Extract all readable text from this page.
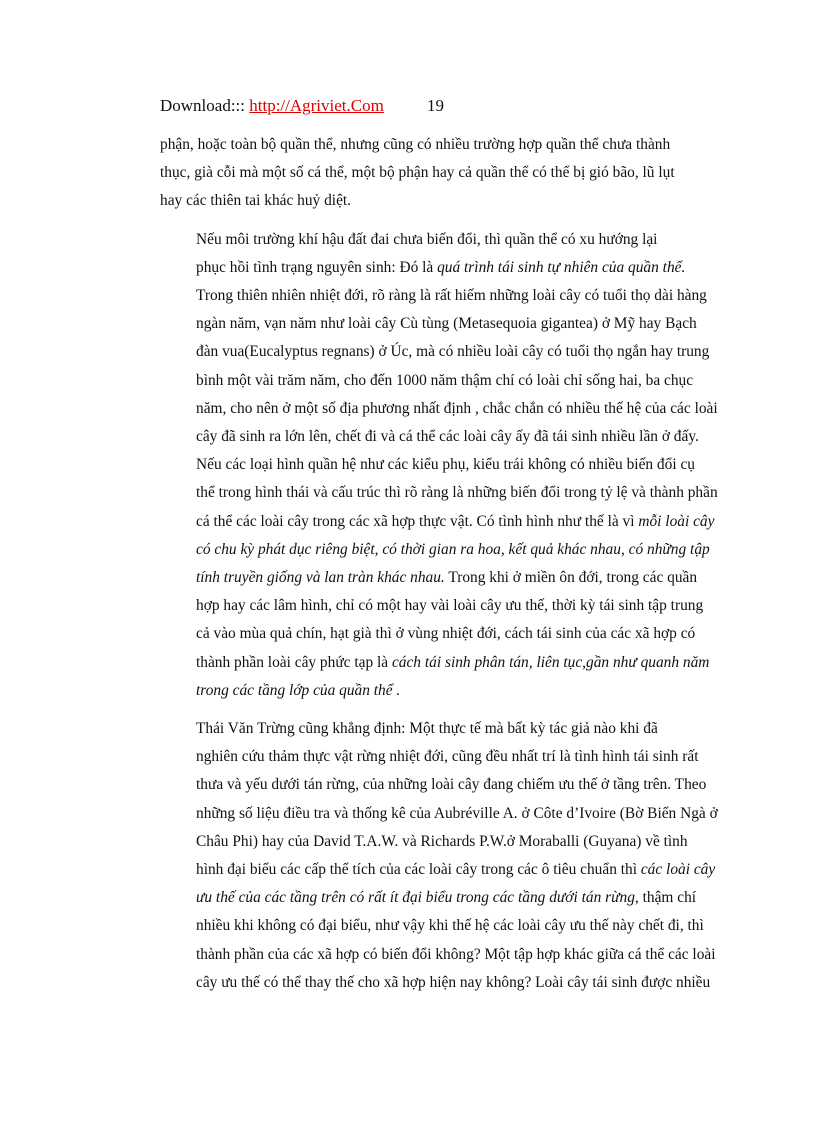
Download::: http://Agriviet.Com	19

phận, hoặc toàn bộ quần thể, nhưng cũng có nhiều trường hợp quần thể chưa thành
thục, già cỗi mà một số cá thể, một bộ phận hay cả quần thể có thể bị gió bão, lũ lụt
hay các thiên tai khác huỷ diệt.

Nếu môi trường khí hậu đất đai chưa biến đổi, thì quần thể có xu hướng lại
phục hồi tình trạng nguyên sinh: Đó là quá trình tái sinh tự nhiên của quần thể.
Trong thiên nhiên nhiệt đới, rõ ràng là rất hiếm những loài cây có tuổi thọ dài hàng
ngàn năm, vạn năm như loài cây Cù tùng (Metasequoia gigantea) ở Mỹ hay Bạch
đàn vua(Eucalyptus regnans) ở Úc, mà có nhiều loài cây có tuổi thọ ngắn hay trung
bình một vài trăm năm, cho đến 1000 năm thậm chí có loài chỉ sống hai, ba chục
năm, cho nên ở một số địa phương nhất định , chắc chắn có nhiều thế hệ của các loài
cây đã sinh ra lớn lên, chết đi và cá thể các loài cây ấy đã tái sinh nhiều lần ở đấy.
Nếu các loại hình quần hệ như các kiểu phụ, kiểu trái không có nhiều biến đổi cụ
thể trong hình thái và cấu trúc thì rõ ràng là những biến đổi trong tỷ lệ và thành phần
cá thể các loài cây trong các xã hợp thực vật. Có tình hình như thế là vì mỗi loài cây
có chu kỳ phát dục riêng biệt, có thời gian ra hoa, kết quả khác nhau, có những tập
tính truyền giống và lan tràn khác nhau. Trong khi ở miền ôn đới, trong các quần
hợp hay các lâm hình, chỉ có một hay vài loài cây ưu thế, thời kỳ tái sinh tập trung
cả vào mùa quả chín, hạt già thì ở vùng nhiệt đới, cách tái sinh của các xã hợp có
thành phần loài cây phức tạp là cách tái sinh phân tán, liên tục,gần như quanh năm
trong các tầng lớp của quần thể .

Thái Văn Trừng cũng khẳng định: Một thực tế mà bất kỳ tác giả nào khi đã
nghiên cứu thảm thực vật rừng nhiệt đới, cũng đều nhất trí là tình hình tái sinh rất
thưa và yếu dưới tán rừng, của những loài cây đang chiếm ưu thế ở tầng trên. Theo
những số liệu điều tra và thống kê của Aubréville A. ở Côte d’Ivoire (Bờ Biển Ngà ở
Châu Phi) hay của David T.A.W. và Richards P.W.ở Moraballi (Guyana) về tình
hình đại biểu các cấp thể tích của các loài cây trong các ô tiêu chuẩn thì các loài cây
ưu thế của các tầng trên có rất ít đại biểu trong các tầng dưới tán rừng, thậm chí
nhiều khi không có đại biểu, như vậy khi thế hệ các loài cây ưu thế này chết đi, thì
thành phần của các xã hợp có biến đổi không? Một tập hợp khác giữa cá thể các loài
cây ưu thế có thể thay thế cho xã hợp hiện nay không? Loài cây tái sinh được nhiều
